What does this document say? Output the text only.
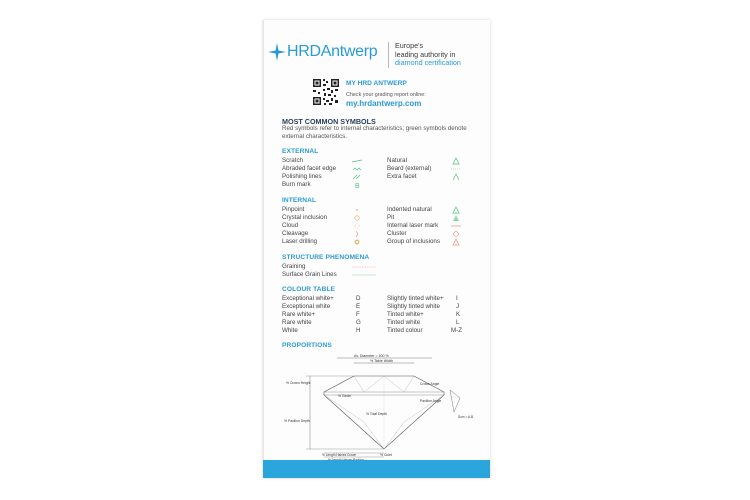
HRDAntwerp Europe's
leading authority in
diamond certification
MY HRD ANTWERP
Check your grading report online:
my.hrdantwerp.com
MOST COMMON SYMBOLS
Red symbols refer to internal characteristics; green symbols denote external characteristics.
EXTERNAL
Scratch
Abraded facet edge
Polishing lines
Burn mark
Natural
Beard (external)
Extra facet
B
INTERNAL
Pinpoint
Crystal inclusion
Cloud
Cleavage
Laser drilling
Indented natural
Pit
Internal laser mark
Cluster
Group of inclusions
STRUCTURE PHENOMENA
Graining
Surface Grain Lines
COLOUR TABLE
Exceptional white+
Exceptional white
Rare white+
Rare white
White
D
E
F
G
H
Slightly tinted white+
Slightly tinted white
Tinted white+
Tinted white
Tinted colour
I
J
K
L
M-Z
PROPORTIONS
Av. Diameter = 100 %
% Table Width
% Crown Height
% Girdle
% Pavilion Depth
% Total Depth
% Culet
Crown Angle
Pavilion Angle
Sum = A.B
% Length Halves Crown
